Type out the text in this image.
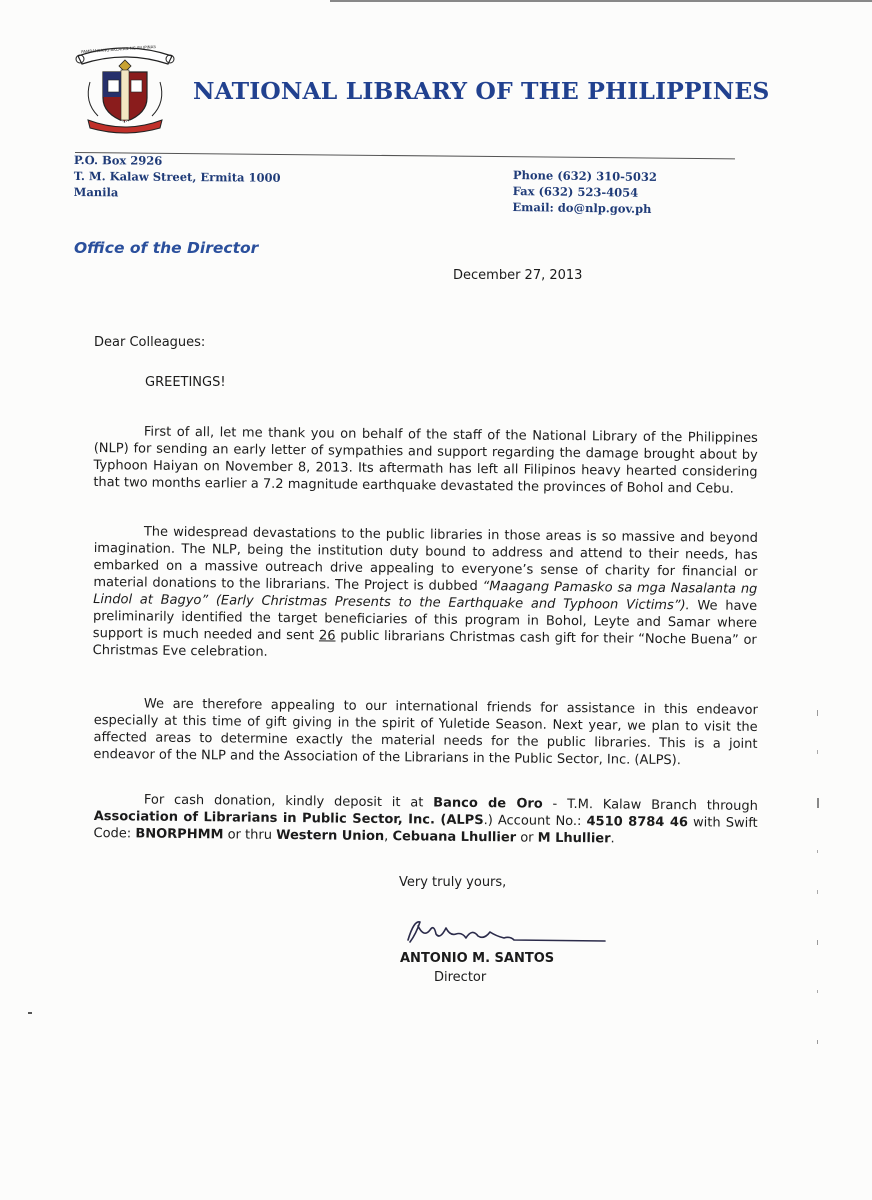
PAMBANSANG AKLATAN NG PILIPINAS
1887
NATIONAL LIBRARY OF THE PHILIPPINES
P.O. Box 2926
T. M. Kalaw Street, Ermita 1000
Manila
Phone (632) 310-5032
Fax (632) 523-4054
Email: do@nlp.gov.ph
Office of the Director
December 27, 2013
Dear Colleagues:
GREETINGS!

First of all, let me thank you on behalf of the staff of the National Library of the Philippines (NLP) for sending an early letter of sympathies and support regarding the damage brought about by Typhoon Haiyan on November 8, 2013. Its aftermath has left all Filipinos heavy hearted considering that two months earlier a 7.2 magnitude earthquake devastated the provinces of Bohol and Cebu.

The widespread devastations to the public libraries in those areas is so massive and beyond imagination. The NLP, being the institution duty bound to address and attend to their needs, has embarked on a massive outreach drive appealing to everyone’s sense of charity for financial or material donations to the librarians. The Project is dubbed “Maagang Pamasko sa mga Nasalanta ng Lindol at Bagyo” (Early Christmas Presents to the Earthquake and Typhoon Victims”). We have preliminarily identified the target beneficiaries of this program in Bohol, Leyte and Samar where support is much needed and sent 26 public librarians Christmas cash gift for their “Noche Buena” or Christmas Eve celebration.

We are therefore appealing to our international friends for assistance in this endeavor especially at this time of gift giving in the spirit of Yuletide Season. Next year, we plan to visit the affected areas to determine exactly the material needs for the public libraries. This is a joint endeavor of the NLP and the Association of the Librarians in the Public Sector, Inc. (ALPS).

For cash donation, kindly deposit it at Banco de Oro - T.M. Kalaw Branch through Association of Librarians in Public Sector, Inc. (ALPS.) Account No.: 4510 8784 46 with Swift Code: BNORPHMM or thru Western Union, Cebuana Lhullier or M Lhullier.

Very truly yours,
ANTONIO M. SANTOS
Director
